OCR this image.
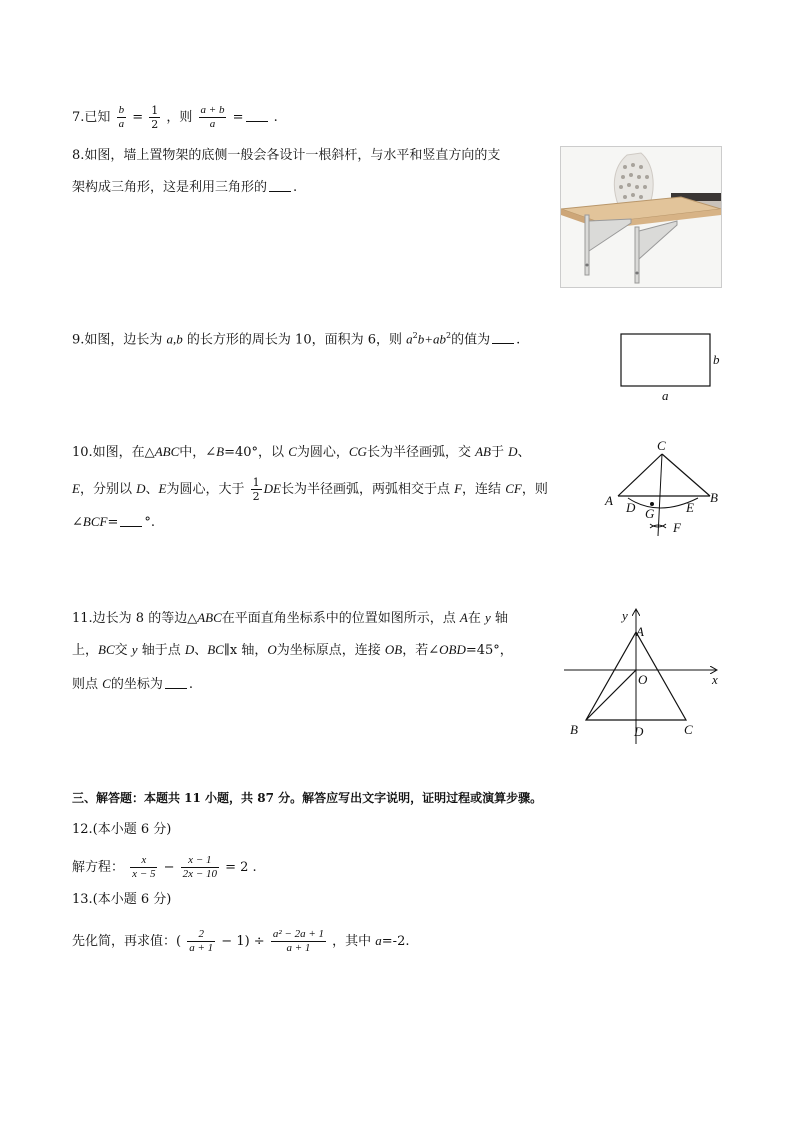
7.已知 $\frac{b}{a} = \frac{1}{2}$ ，则 $\frac{a + b}{a}$ = .
8.如图，墙上置物架的底侧一般会各设计一根斜杆，与水平和竖直方向的支
架构成三角形，这是利用三角形的 .
9.如图，边长为 a,b 的长方形的周长为 10，面积为 6，则 $a^2b+ab^2$的值为 .
b
a
10.如图，在△ABC中，∠B=40°，以 C为圆心，CG长为半径画弧，交 AB于 D、
E，分别以 D、E为圆心，大于 $\frac{1}{2}$ DE长为半径画弧，两弧相交于点 F，连结 CF，则
∠BCF= °.
C
A	B
D G E
F
11.边长为 8 的等边△ABC在平面直角坐标系中的位置如图所示，点 A在 y 轴
上，BC交 y 轴于点 D、BC∥x 轴，O为坐标原点，连接 OB，若∠OBD=45°，
则点 C的坐标为 .
y
A
x
O
B	D	C
三、解答题：本题共 11 小题，共 87 分。解答应写出文字说明，证明过程或演算步骤。
12.(本小题 6 分)
解方程： $\frac{x}{x - 5} - \frac{x - 1}{2x - 10} = 2$ .
13.(本小题 6 分)
先化简，再求值：( $\frac{2}{a + 1} - 1) \div \frac{\text{a² − 2a + 1}}{a + 1}$ ，其中 a=-2.
